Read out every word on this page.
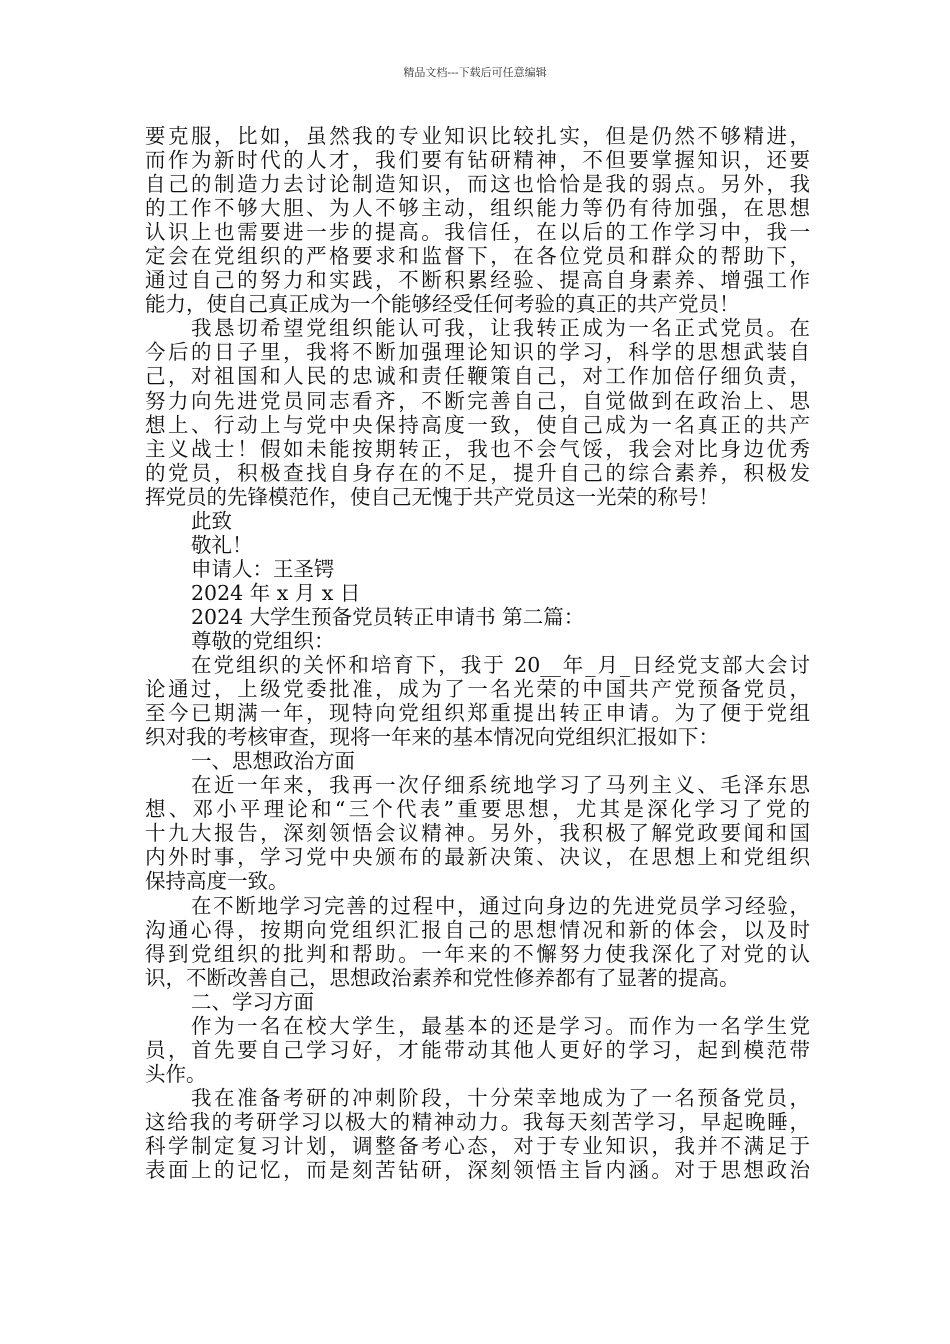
精品文档---下载后可任意编辑
要克服，比如，虽然我的专业知识比较扎实，但是仍然不够精进，
而作为新时代的人才，我们要有钻研精神，不但要掌握知识，还要
自己的制造力去讨论制造知识，而这也恰恰是我的弱点。另外，我
的工作不够大胆、为人不够主动，组织能力等仍有待加强，在思想
认识上也需要进一步的提高。我信任，在以后的工作学习中，我一
定会在党组织的严格要求和监督下，在各位党员和群众的帮助下，
通过自己的努力和实践，不断积累经验、提高自身素养、增强工作
能力，使自己真正成为一个能够经受任何考验的真正的共产党员！
我恳切希望党组织能认可我，让我转正成为一名正式党员。在
今后的日子里，我将不断加强理论知识的学习，科学的思想武装自
己，对祖国和人民的忠诚和责任鞭策自己，对工作加倍仔细负责，
努力向先进党员同志看齐，不断完善自己，自觉做到在政治上、思
想上、行动上与党中央保持高度一致，使自己成为一名真正的共产
主义战士！假如未能按期转正，我也不会气馁，我会对比身边优秀
的党员，积极查找自身存在的不足，提升自己的综合素养，积极发
挥党员的先锋模范作，使自己无愧于共产党员这一光荣的称号！
此致
敬礼！
申请人：王圣锷
2024 年 x 月 x 日
2024 大学生预备党员转正申请书 第二篇：
尊敬的党组织：
在党组织的关怀和培育下，我于 20__年_月_日经党支部大会讨
论通过，上级党委批准，成为了一名光荣的中国共产党预备党员，
至今已期满一年，现特向党组织郑重提出转正申请。为了便于党组
织对我的考核审查，现将一年来的基本情况向党组织汇报如下：
一、思想政治方面
在近一年来，我再一次仔细系统地学习了马列主义、毛泽东思
想、邓小平理论和“三个代表”重要思想，尤其是深化学习了党的
十九大报告，深刻领悟会议精神。另外，我积极了解党政要闻和国
内外时事，学习党中央颁布的最新决策、决议，在思想上和党组织
保持高度一致。
在不断地学习完善的过程中，通过向身边的先进党员学习经验，
沟通心得，按期向党组织汇报自己的思想情况和新的体会，以及时
得到党组织的批判和帮助。一年来的不懈努力使我深化了对党的认
识，不断改善自己，思想政治素养和党性修养都有了显著的提高。
二、学习方面
作为一名在校大学生，最基本的还是学习。而作为一名学生党
员，首先要自己学习好，才能带动其他人更好的学习，起到模范带
头作。
我在准备考研的冲刺阶段，十分荣幸地成为了一名预备党员，
这给我的考研学习以极大的精神动力。我每天刻苦学习，早起晚睡，
科学制定复习计划，调整备考心态，对于专业知识，我并不满足于
表面上的记忆，而是刻苦钻研，深刻领悟主旨内涵。对于思想政治
